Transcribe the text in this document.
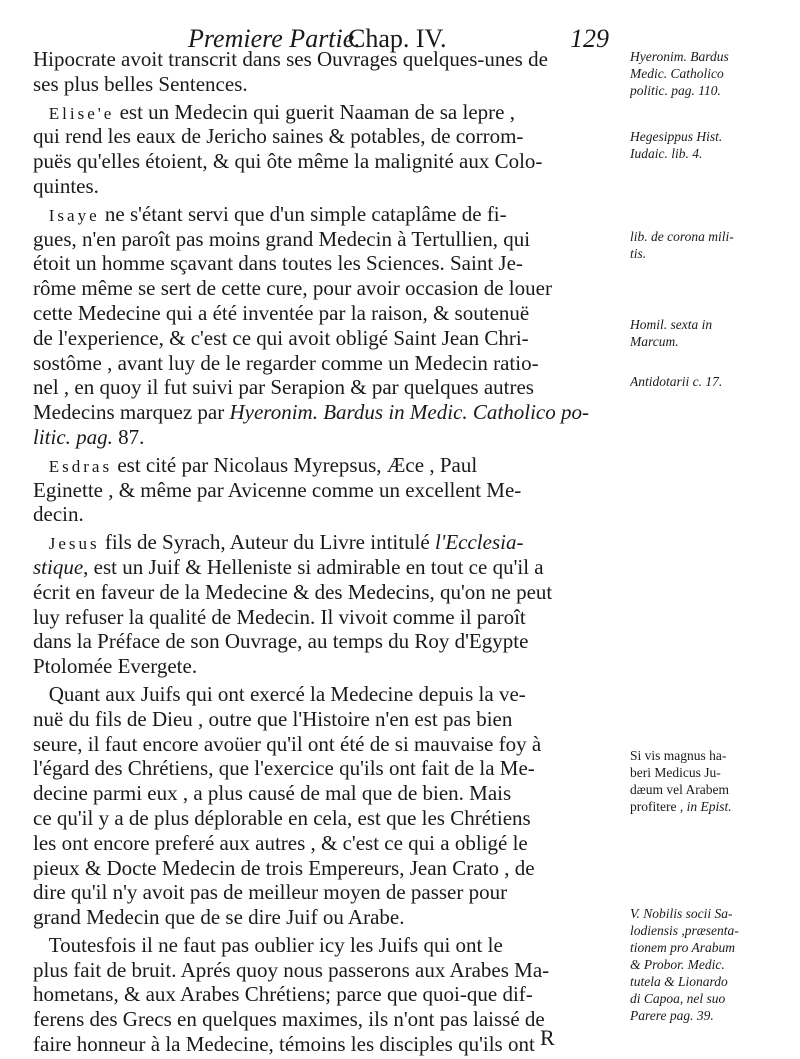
Premiere Partie.
Chap. IV.	129
Hipocrate avoit transcrit dans ses Ouvrages quelques-unes de
ses plus belles Sentences.
Elise'e est un Medecin qui guerit Naaman de sa lepre ,
qui rend les eaux de Jericho saines & potables, de corrom-
puës qu'elles étoient, & qui ôte même la malignité aux Colo-
quintes.
Isaye ne s'étant servi que d'un simple cataplâme de fi-
gues, n'en paroît pas moins grand Medecin à Tertullien, qui
étoit un homme sçavant dans toutes les Sciences. Saint Je-
rôme même se sert de cette cure, pour avoir occasion de louer
cette Medecine qui a été inventée par la raison, & soutenuë
de l'experience, & c'est ce qui avoit obligé Saint Jean Chri-
sostôme , avant luy de le regarder comme un Medecin ratio-
nel , en quoy il fut suivi par Serapion & par quelques autres
Medecins marquez par Hyeronim. Bardus in Medic. Catholico po-
litic. pag. 87.
Esdras est cité par Nicolaus Myrepsus, Æce , Paul
Eginette , & même par Avicenne comme un excellent Me-
decin.
Jesus fils de Syrach, Auteur du Livre intitulé l'Ecclesia-
stique, est un Juif & Helleniste si admirable en tout ce qu'il a
écrit en faveur de la Medecine & des Medecins, qu'on ne peut
luy refuser la qualité de Medecin. Il vivoit comme il paroît
dans la Préface de son Ouvrage, au temps du Roy d'Egypte
Ptolomée Evergete.
Quant aux Juifs qui ont exercé la Medecine depuis la ve-
nuë du fils de Dieu , outre que l'Histoire n'en est pas bien
seure, il faut encore avoüer qu'il ont été de si mauvaise foy à
l'égard des Chrétiens, que l'exercice qu'ils ont fait de la Me-
decine parmi eux , a plus causé de mal que de bien. Mais
ce qu'il y a de plus déplorable en cela, est que les Chrétiens
les ont encore preferé aux autres , & c'est ce qui a obligé le
pieux & Docte Medecin de trois Empereurs, Jean Crato , de
dire qu'il n'y avoit pas de meilleur moyen de passer pour
grand Medecin que de se dire Juif ou Arabe.
Toutesfois il ne faut pas oublier icy les Juifs qui ont le
plus fait de bruit. Aprés quoy nous passerons aux Arabes Ma-
hometans, & aux Arabes Chrétiens; parce que quoi-que dif-
ferens des Grecs en quelques maximes, ils n'ont pas laissé de
faire honneur à la Medecine, témoins les disciples qu'ils ont R
Hyeronim. Bardus
Medic. Catholico
politic. pag. 110.
Hegesippus Hist.
Iudaic. lib. 4.
lib. de corona mili-
tis.
Homil. sexta in
Marcum.
Antidotarii c. 17.
Si vis magnus ha-
beri Medicus Ju-
dæum vel Arabem
profitere , in Epist.
V. Nobilis socii Sa-
lodiensis ,præsenta-
tionem pro Arabum
& Probor. Medic.
tutela & Lionardo
di Capoa, nel suo
Parere pag. 39.
